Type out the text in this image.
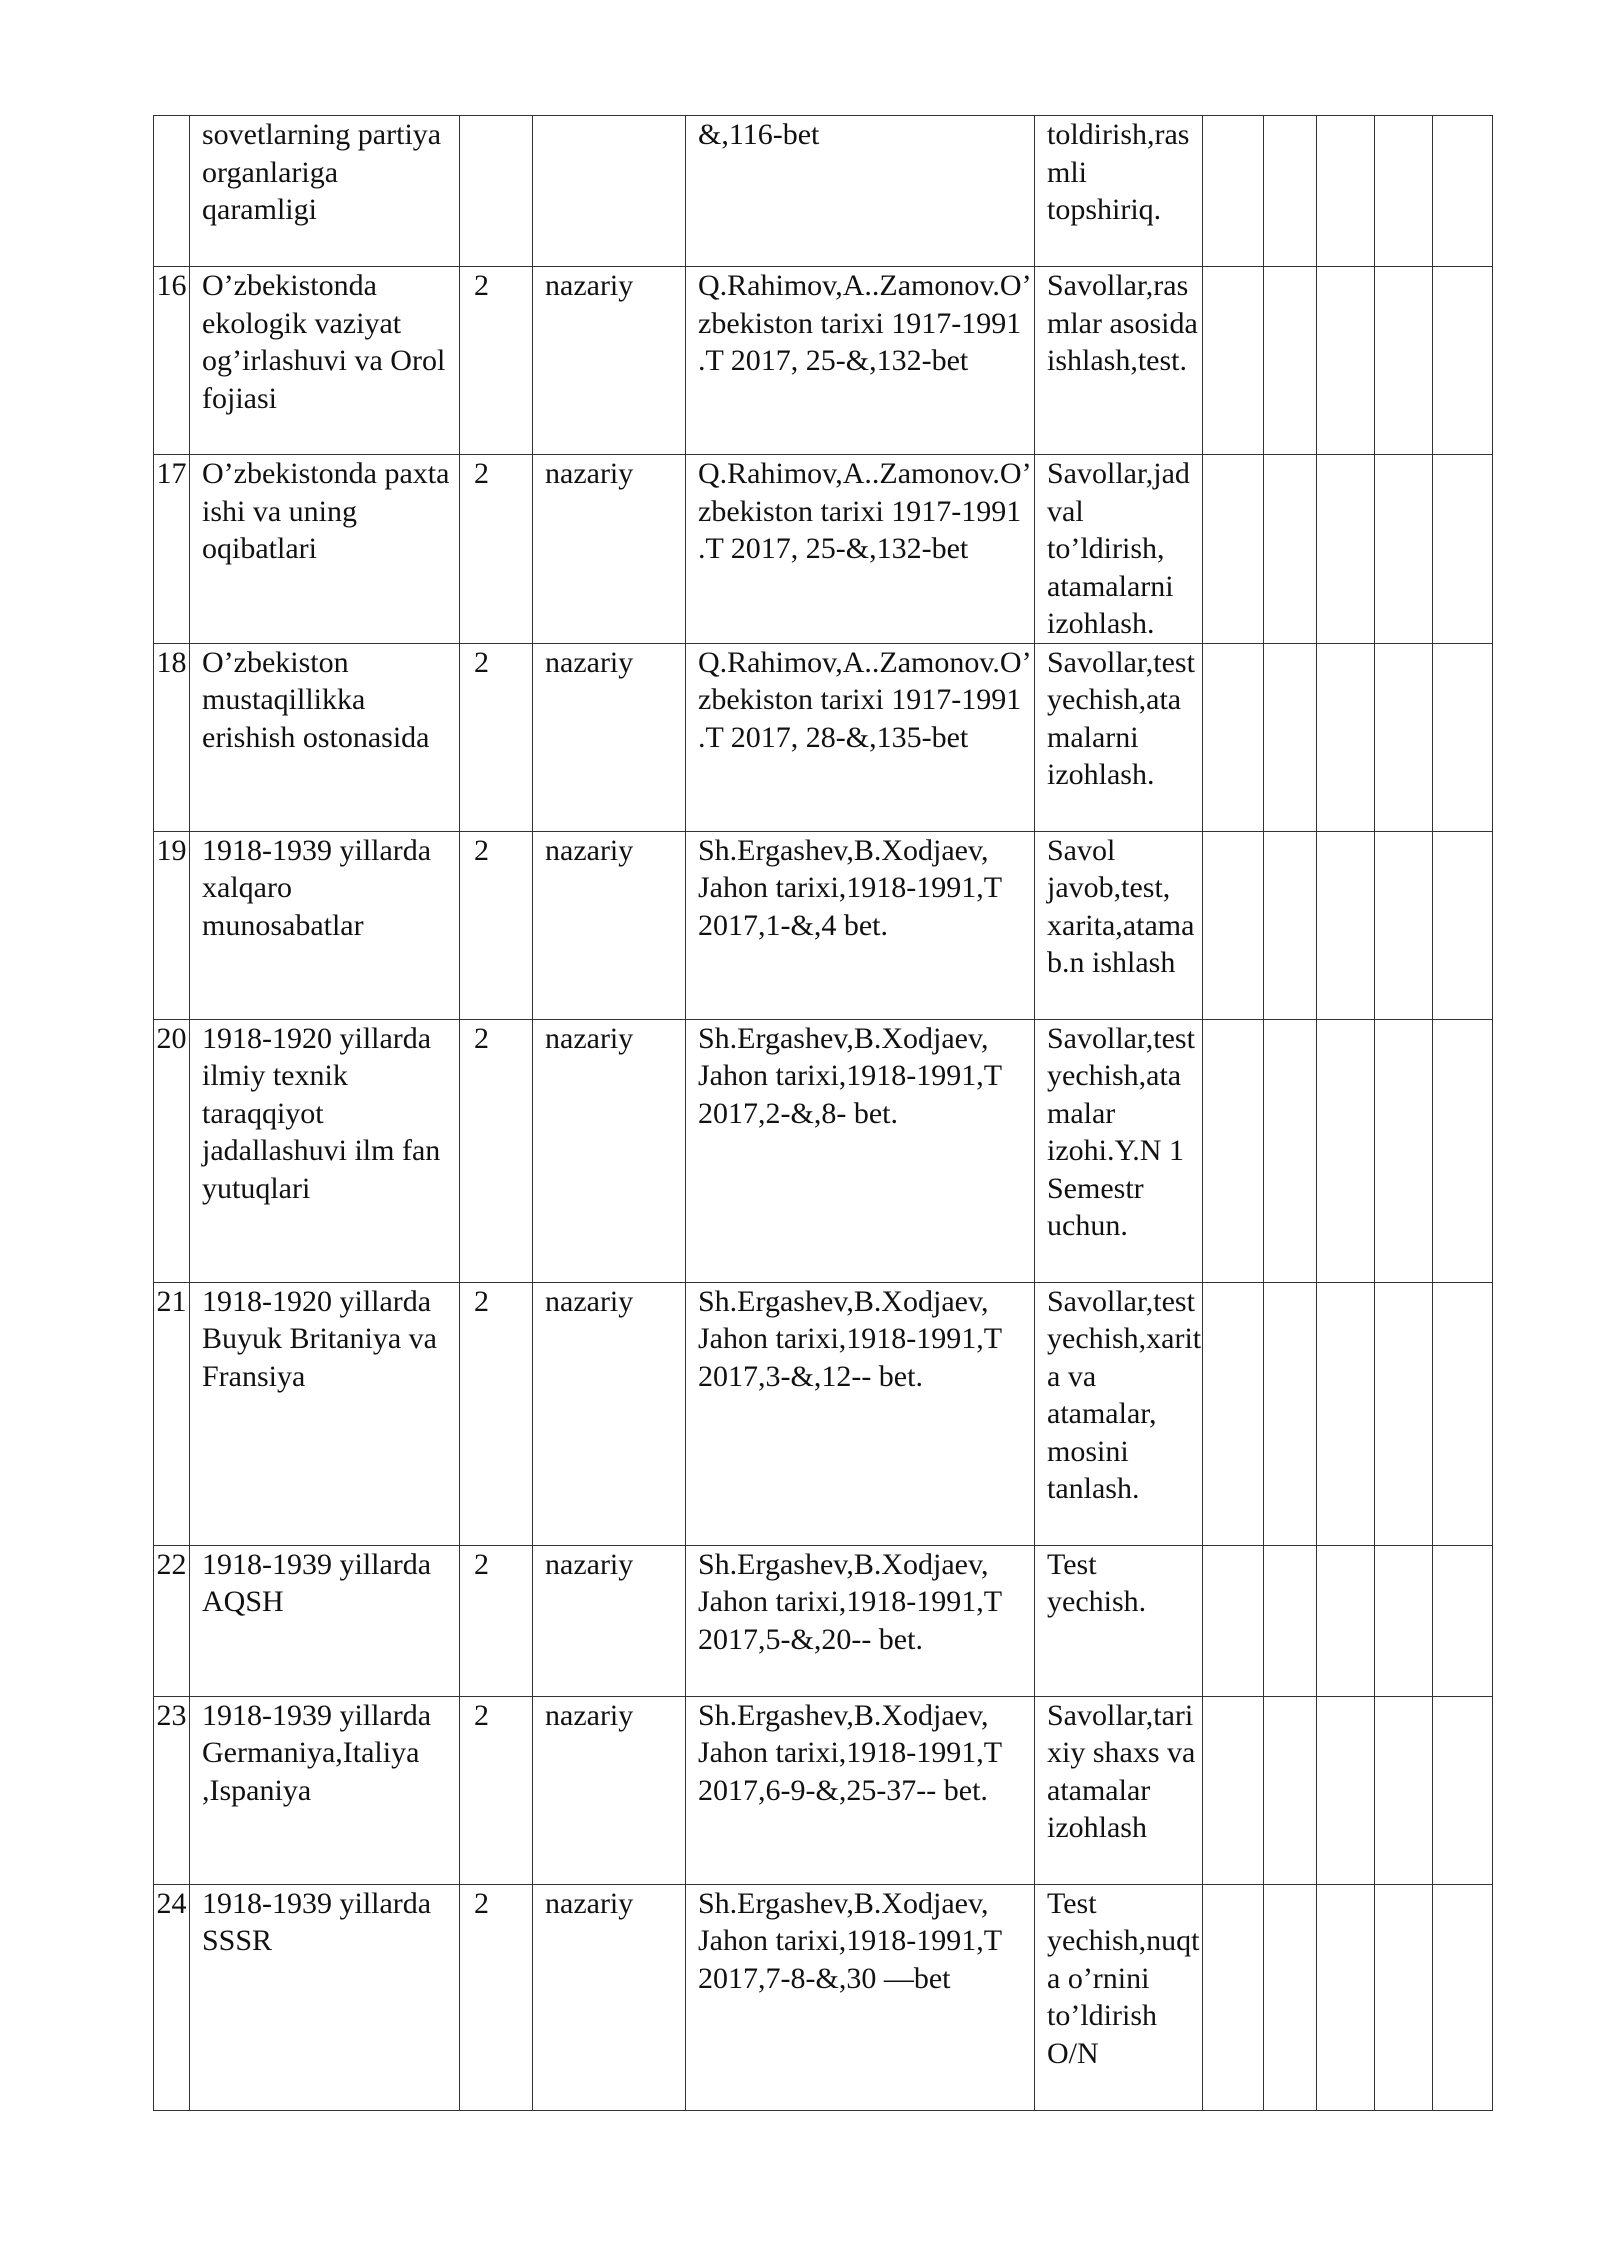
	sovetlarning partiya organlariga qaramligi			&,116-bet	toldirish,rasmli topshiriq.					

16	O’zbekistonda ekologik vaziyat og’irlashuvi va Orol fojiasi	2	nazariy	Q.Rahimov,A..Zamonov.O’zbekiston tarixi 1917-1991 .T 2017, 25-&,132-bet	Savollar,rasmlar asosida ishlash,test.					

17	O’zbekistonda paxta ishi va uning oqibatlari	2	nazariy	Q.Rahimov,A..Zamonov.O’zbekiston tarixi 1917-1991 .T 2017, 25-&,132-bet	Savollar,jadval to’ldirish, atamalarni izohlash.					

18	O’zbekiston mustaqillikka erishish ostonasida	2	nazariy	Q.Rahimov,A..Zamonov.O’zbekiston tarixi 1917-1991 .T 2017, 28-&,135-bet	Savollar,test yechish,atamalarni izohlash.					

19	1918-1939 yillarda xalqaro munosabatlar	2	nazariy	Sh.Ergashev,B.Xodjaev, Jahon tarixi,1918-1991,T 2017,1-&,4 bet.	Savol javob,test, xarita,atama b.n ishlash					

20	1918-1920 yillarda ilmiy texnik taraqqiyot jadallashuvi ilm fan yutuqlari	2	nazariy	Sh.Ergashev,B.Xodjaev, Jahon tarixi,1918-1991,T 2017,2-&,8- bet.	Savollar,test yechish,atamalar izohi.Y.N 1 Semestr uchun.					

21	1918-1920 yillarda Buyuk Britaniya va Fransiya	2	nazariy	Sh.Ergashev,B.Xodjaev, Jahon tarixi,1918-1991,T 2017,3-&,12-- bet.	Savollar,test yechish,xarita va atamalar, mosini tanlash.					

22	1918-1939 yillarda AQSH	2	nazariy	Sh.Ergashev,B.Xodjaev, Jahon tarixi,1918-1991,T 2017,5-&,20-- bet.	Test yechish.					

23	1918-1939 yillarda Germaniya,Italiya ,Ispaniya	2	nazariy	Sh.Ergashev,B.Xodjaev, Jahon tarixi,1918-1991,T 2017,6-9-&,25-37-- bet.	Savollar,tarixiy shaxs va atamalar izohlash					

24	1918-1939 yillarda SSSR	2	nazariy	Sh.Ergashev,B.Xodjaev, Jahon tarixi,1918-1991,T 2017,7-8-&,30 —bet	Test yechish,nuqta o’rnini to’ldirish O/N					
